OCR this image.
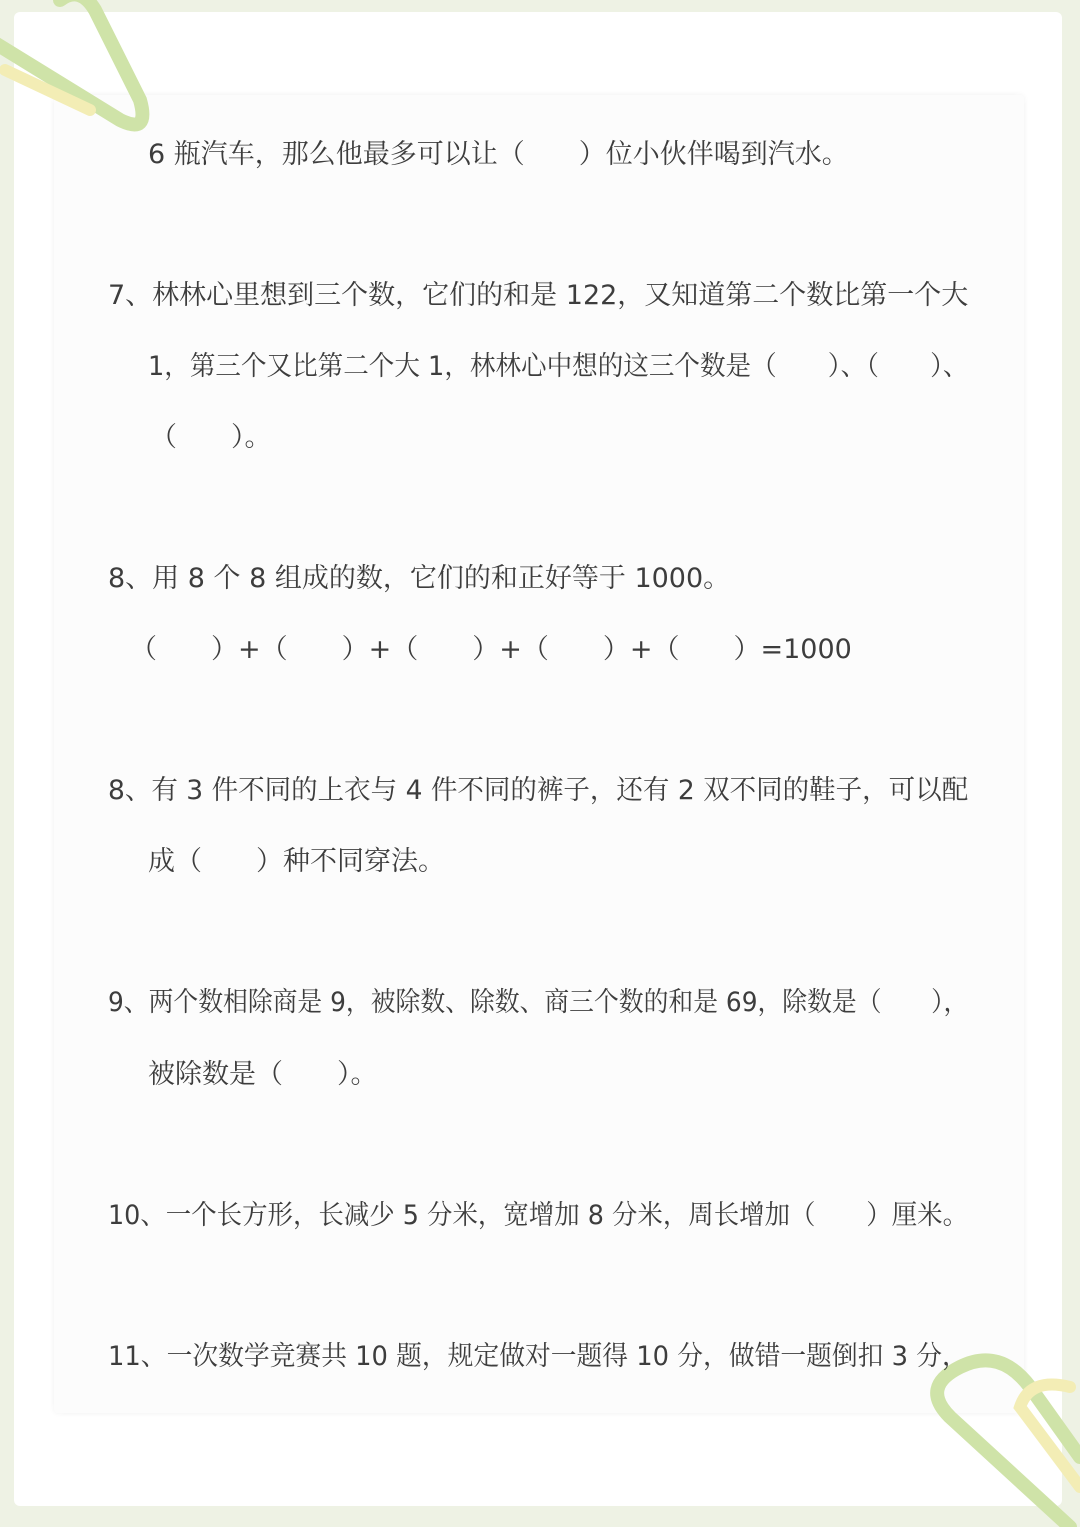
6 瓶汽车，那么他最多可以让（　　）位小伙伴喝到汽水。
7、林林心里想到三个数，它们的和是 122，又知道第二个数比第一个大
1，第三个又比第二个大 1，林林心中想的这三个数是（　　）、（　　）、
（　　）。
8、用 8 个 8 组成的数，它们的和正好等于 1000。
（　　）+（　　）+（　　）+（　　）+（　　）=1000
8、有 3 件不同的上衣与 4 件不同的裤子，还有 2 双不同的鞋子，可以配
成（　　）种不同穿法。
9、两个数相除商是 9，被除数、除数、商三个数的和是 69，除数是（　　），
被除数是（　　）。
10、一个长方形，长减少 5 分米，宽增加 8 分米，周长增加（　　）厘米。
11、一次数学竞赛共 10 题，规定做对一题得 10 分，做错一题倒扣 3 分，
